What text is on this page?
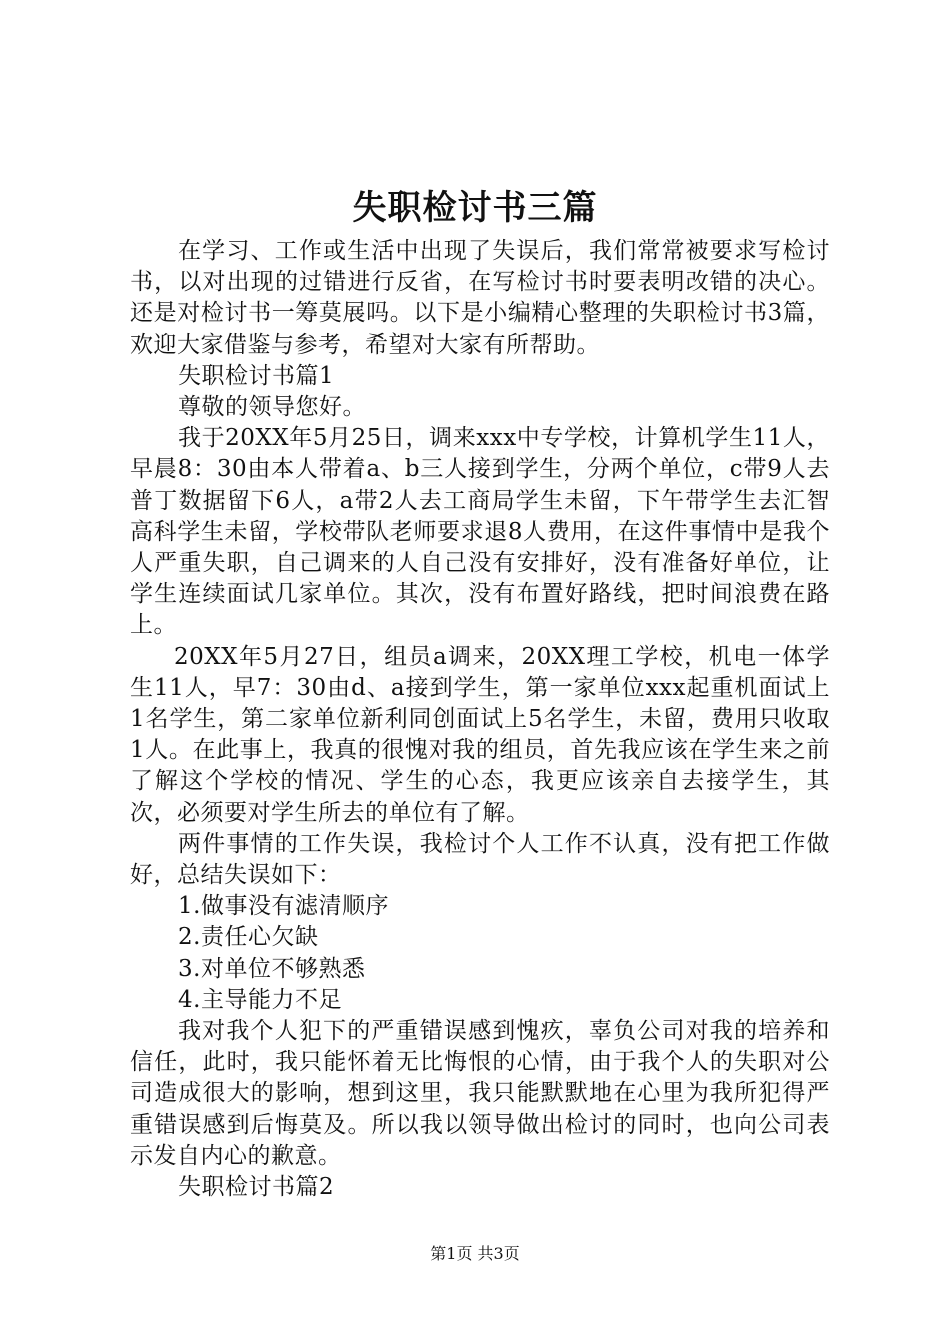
失职检讨书三篇

在学习、工作或生活中出现了失误后，我们常常被要求写检讨书，以对出现的过错进行反省，在写检讨书时要表明改错的决心。还是对检讨书一筹莫展吗。以下是小编精心整理的失职检讨书3篇，欢迎大家借鉴与参考，希望对大家有所帮助。

失职检讨书篇1

尊敬的领导您好。

我于20XX年5月25日，调来xxx中专学校，计算机学生11人，早晨8：30由本人带着a、b三人接到学生，分两个单位，c带9人去普丁数据留下6人，a带2人去工商局学生未留，下午带学生去汇智高科学生未留，学校带队老师要求退8人费用，在这件事情中是我个人严重失职，自己调来的人自己没有安排好，没有准备好单位，让学生连续面试几家单位。其次，没有布置好路线，把时间浪费在路上。

20XX年5月27日，组员a调来，20XX理工学校，机电一体学生11人，早7：30由d、a接到学生，第一家单位xxx起重机面试上1名学生，第二家单位新利同创面试上5名学生，未留，费用只收取1人。在此事上，我真的很愧对我的组员，首先我应该在学生来之前了解这个学校的情况、学生的心态，我更应该亲自去接学生，其次，必须要对学生所去的单位有了解。

两件事情的工作失误，我检讨个人工作不认真，没有把工作做好，总结失误如下：

1.做事没有滤清顺序

2.责任心欠缺

3.对单位不够熟悉

4.主导能力不足

我对我个人犯下的严重错误感到愧疚，辜负公司对我的培养和信任，此时，我只能怀着无比悔恨的心情，由于我个人的失职对公司造成很大的影响，想到这里，我只能默默地在心里为我所犯得严重错误感到后悔莫及。所以我以领导做出检讨的同时，也向公司表示发自内心的歉意。

失职检讨书篇2

第1页 共3页
